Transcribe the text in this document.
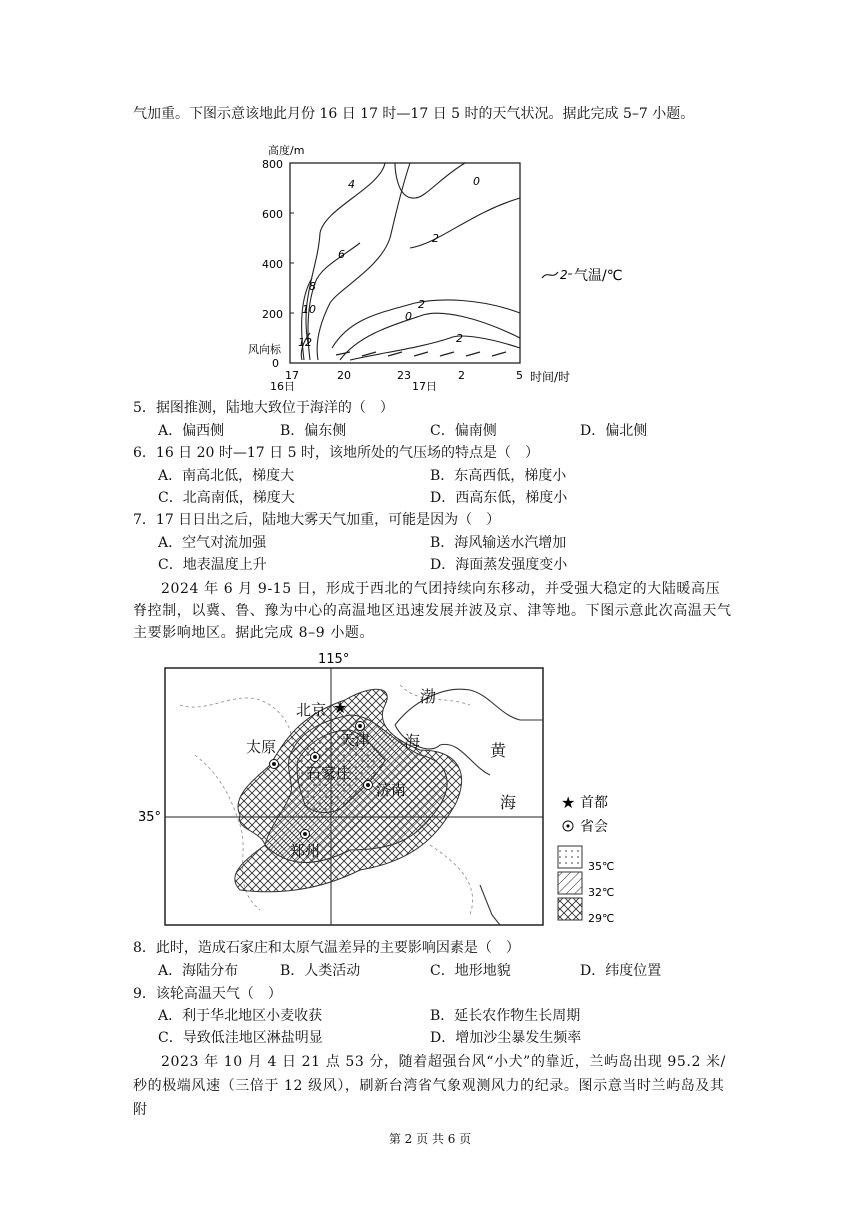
气加重。下图示意该地此月份 16 日 17 时—17 日 5 时的天气状况。据此完成 5–7 小题。
高度/m
800
600
400
200
0
风向标
17	20	23	2	5
16日	17日
时间/时
4	0
2
6
8
10
12
2
0
2
2 气温/℃
5．据图推测，陆地大致位于海洋的（　）
A．偏西侧	B．偏东侧	C．偏南侧	D．偏北侧
6．16 日 20 时—17 日 5 时，该地所处的气压场的特点是（　）
A．南高北低，梯度大	B．东高西低，梯度小
C．北高南低，梯度大	D．西高东低，梯度小
7．17 日日出之后，陆地大雾天气加重，可能是因为（　）
A．空气对流加强	B．海风输送水汽增加
C．地表温度上升	D．海面蒸发强度变小
2024 年 6 月 9-15 日，形成于西北的气团持续向东移动，并受强大稳定的大陆暖高压脊控制，以冀、鲁、豫为中心的高温地区迅速发展并波及京、津等地。下图示意此次高温天气主要影响地区。据此完成 8–9 小题。
115°
35°
★
北京
天津
太原
石家庄
济南
郑州
渤
海	黄
海	★ 首都
省会
35℃
32℃
29℃
8．此时，造成石家庄和太原气温差异的主要影响因素是（　）
A．海陆分布	B．人类活动	C．地形地貌	D．纬度位置
9．该轮高温天气（　）
A．利于华北地区小麦收获	B．延长农作物生长周期
C．导致低洼地区淋盐明显	D．增加沙尘暴发生频率
2023 年 10 月 4 日 21 点 53 分，随着超强台风“小犬”的靠近，兰屿岛出现 95.2 米/秒的极端风速（三倍于 12 级风），刷新台湾省气象观测风力的纪录。图示意当时兰屿岛及其附
第 2 页 共 6 页
